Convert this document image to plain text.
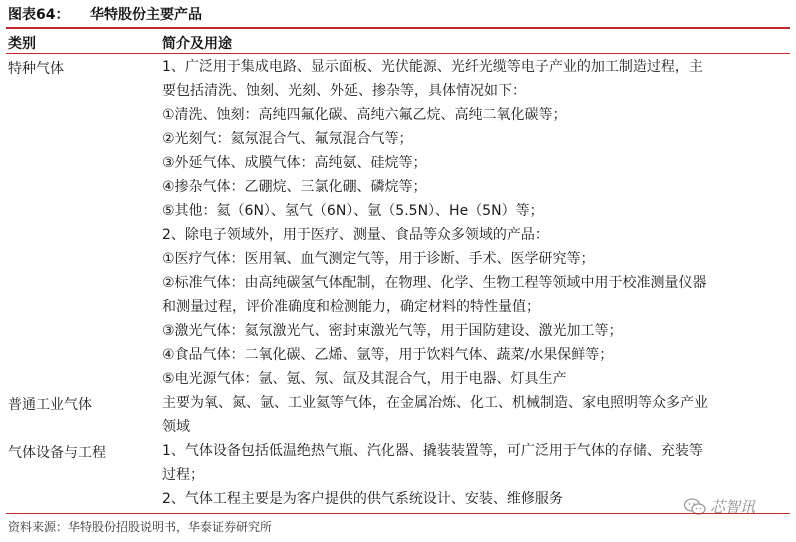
图表64： 华特股份主要产品
类别	简介及用途
特种气体	1、广泛用于集成电路、显示面板、光伏能源、光纤光缆等电子产业的加工制造过程，主
要包括清洗、蚀刻、光刻、外延、掺杂等，具体情况如下：
①清洗、蚀刻：高纯四氟化碳、高纯六氟乙烷、高纯二氧化碳等；
②光刻气：氦氖混合气、氟氖混合气等；
③外延气体、成膜气体：高纯氨、硅烷等；
④掺杂气体：乙硼烷、三氯化硼、磷烷等；
⑤其他：氦（6N）、氢气（6N）、氩（5.5N）、He（5N）等；
2、除电子领域外，用于医疗、测量、食品等众多领域的产品：
①医疗气体：医用氧、血气测定气等，用于诊断、手术、医学研究等；
②标准气体：由高纯碳氢气体配制，在物理、化学、生物工程等领域中用于校准测量仪器
和测量过程，评价准确度和检测能力，确定材料的特性量值；
③激光气体：氦氖激光气、密封束激光气等，用于国防建设、激光加工等；
④食品气体：二氧化碳、乙烯、氩等，用于饮料气体、蔬菜/水果保鲜等；
⑤电光源气体：氩、氪、氖、氙及其混合气，用于电器、灯具生产
普通工业气体	主要为氧、氮、氩、工业氦等气体，在金属冶炼、化工、机械制造、家电照明等众多产业
领域
气体设备与工程	1、气体设备包括低温绝热气瓶、汽化器、撬装装置等，可广泛用于气体的存储、充装等
过程；
2、气体工程主要是为客户提供的供气系统设计、安装、维修服务	芯智讯
资料来源：华特股份招股说明书，华泰证券研究所
